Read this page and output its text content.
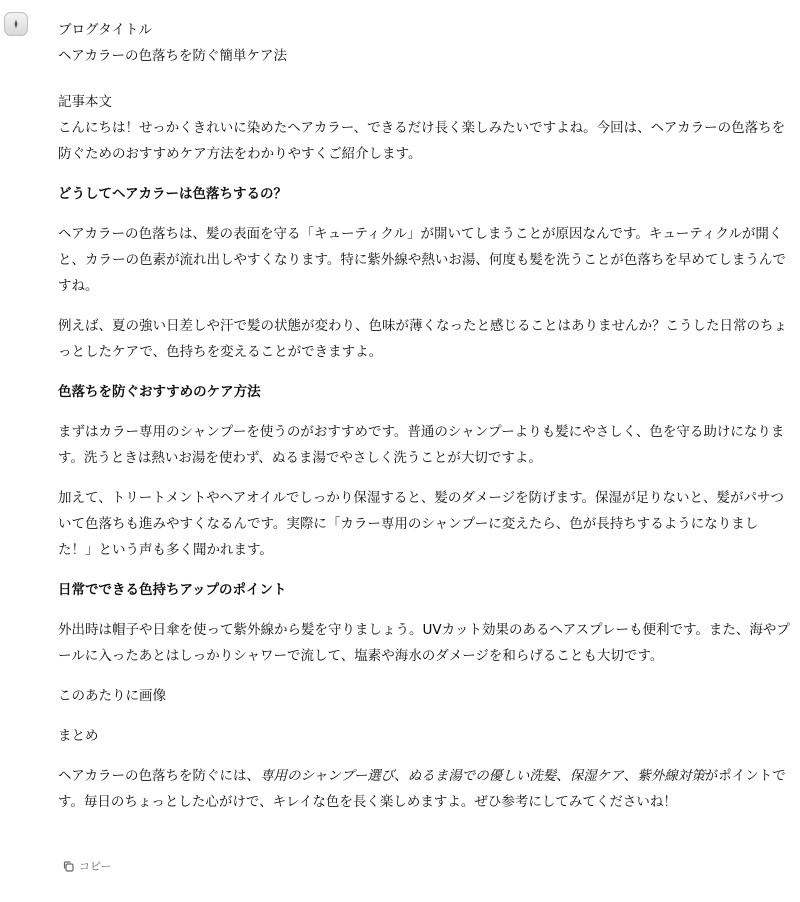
ブログタイトル

ヘアカラーの色落ちを防ぐ簡単ケア法

記事本文

こんにちは！せっかくきれいに染めたヘアカラー、できるだけ長く楽しみたいですよね。今回は、ヘアカラーの色落ちを防ぐためのおすすめケア方法をわかりやすくご紹介します。

どうしてヘアカラーは色落ちするの？

ヘアカラーの色落ちは、髪の表面を守る「キューティクル」が開いてしまうことが原因なんです。キューティクルが開くと、カラーの色素が流れ出しやすくなります。特に紫外線や熱いお湯、何度も髪を洗うことが色落ちを早めてしまうんですね。

例えば、夏の強い日差しや汗で髪の状態が変わり、色味が薄くなったと感じることはありませんか？こうした日常のちょっとしたケアで、色持ちを変えることができますよ。

色落ちを防ぐおすすめのケア方法

まずはカラー専用のシャンプーを使うのがおすすめです。普通のシャンプーよりも髪にやさしく、色を守る助けになります。洗うときは熱いお湯を使わず、ぬるま湯でやさしく洗うことが大切ですよ。

加えて、トリートメントやヘアオイルでしっかり保湿すると、髪のダメージを防げます。保湿が足りないと、髪がパサついて色落ちも進みやすくなるんです。実際に「カラー専用のシャンプーに変えたら、色が長持ちするようになりました！」という声も多く聞かれます。

日常でできる色持ちアップのポイント

外出時は帽子や日傘を使って紫外線から髪を守りましょう。UVカット効果のあるヘアスプレーも便利です。また、海やプールに入ったあとはしっかりシャワーで流して、塩素や海水のダメージを和らげることも大切です。

このあたりに画像

まとめ

ヘアカラーの色落ちを防ぐには、専用のシャンプー選び、ぬるま湯での優しい洗髪、保湿ケア、紫外線対策がポイントです。毎日のちょっとした心がけで、キレイな色を長く楽しめますよ。ぜひ参考にしてみてくださいね！

コピー
